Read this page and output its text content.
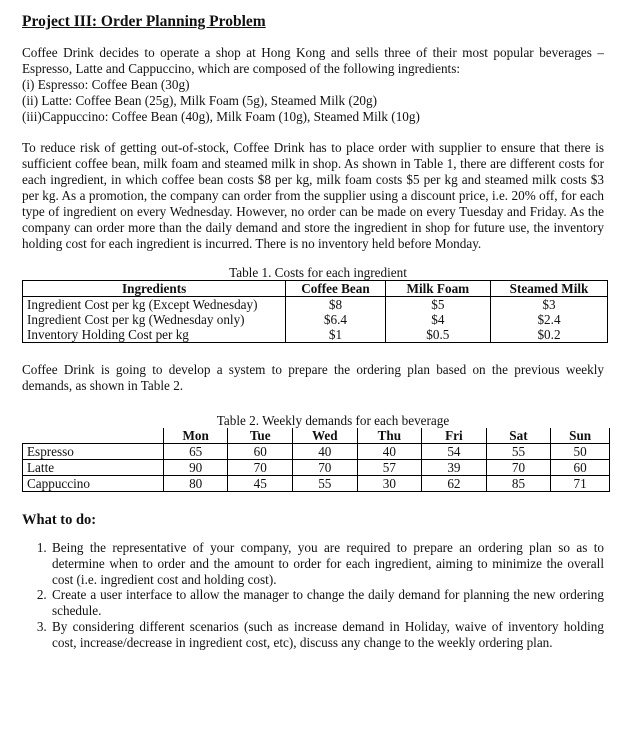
Project III: Order Planning Problem

Coffee Drink decides to operate a shop at Hong Kong and sells three of their most popular beverages – Espresso, Latte and Cappuccino, which are composed of the following ingredients:

(i) Espresso: Coffee Bean (30g)
(ii) Latte: Coffee Bean (25g), Milk Foam (5g), Steamed Milk (20g)
(iii)Cappuccino: Coffee Bean (40g), Milk Foam (10g), Steamed Milk (10g)

To reduce risk of getting out-of-stock, Coffee Drink has to place order with supplier to ensure that there is sufficient coffee bean, milk foam and steamed milk in shop. As shown in Table 1, there are different costs for each ingredient, in which coffee bean costs $8 per kg, milk foam costs $5 per kg and steamed milk costs $3 per kg. As a promotion, the company can order from the supplier using a discount price, i.e. 20% off, for each type of ingredient on every Wednesday. However, no order can be made on every Tuesday and Friday. As the company can order more than the daily demand and store the ingredient in shop for future use, the inventory holding cost for each ingredient is incurred. There is no inventory held before Monday.

Table 1. Costs for each ingredient
Ingredients	Coffee Bean	Milk Foam	Steamed Milk
Ingredient Cost per kg (Except Wednesday)	$8	$5	$3
Ingredient Cost per kg (Wednesday only)	$6.4	$4	$2.4
Inventory Holding Cost per kg	$1	$0.5	$0.2

Coffee Drink is going to develop a system to prepare the ordering plan based on the previous weekly demands, as shown in Table 2.

Table 2. Weekly demands for each beverage
	Mon	Tue	Wed	Thu	Fri	Sat	Sun
Espresso	65	60	40	40	54	55	50
Latte	90	70	70	57	39	70	60
Cappuccino	80	45	55	30	62	85	71
What to do:
1. Being the representative of your company, you are required to prepare an ordering plan so as to determine when to order and the amount to order for each ingredient, aiming to minimize the overall cost (i.e. ingredient cost and holding cost).
2. Create a user interface to allow the manager to change the daily demand for planning the new ordering schedule.
3. By considering different scenarios (such as increase demand in Holiday, waive of inventory holding cost, increase/decrease in ingredient cost, etc), discuss any change to the weekly ordering plan.
